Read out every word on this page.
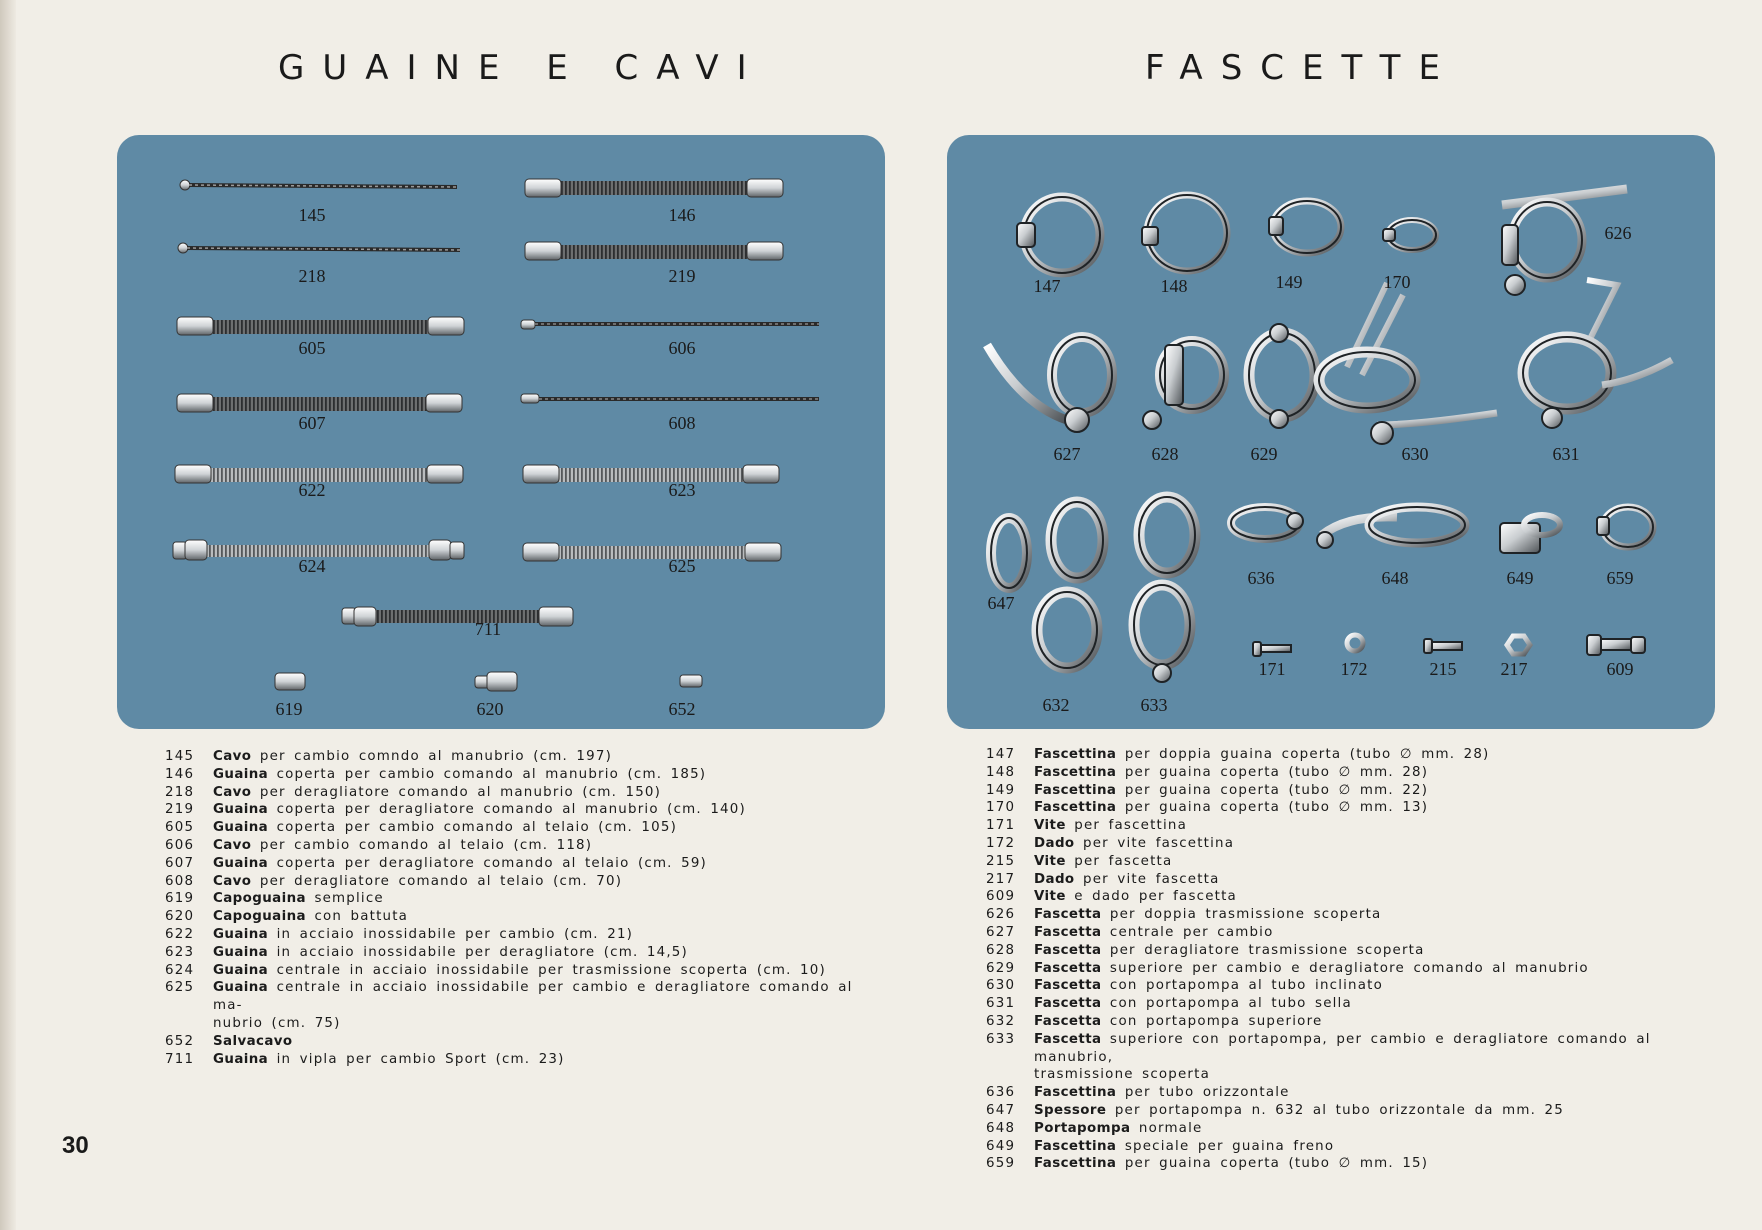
GUAINE E CAVI	FASCETTE
145	146
218	219
605	606
607	608
622	623
624	625
711
619	620	652
147	148	149	170
626
627	628	629	630	631
647
632	633
636	648	649	659
171	172	215 217	609
145	Cavo per cambio comndo al manubrio (cm. 197)
146	Guaina coperta per cambio comando al manubrio (cm. 185)
218	Cavo per deragliatore comando al manubrio (cm. 150)
219	Guaina coperta per deragliatore comando al manubrio (cm. 140)
605	Guaina coperta per cambio comando al telaio (cm. 105)
606	Cavo per cambio comando al telaio (cm. 118)
607	Guaina coperta per deragliatore comando al telaio (cm. 59)
608	Cavo per deragliatore comando al telaio (cm. 70)
619	Capoguaina semplice
620	Capoguaina con battuta
622	Guaina in acciaio inossidabile per cambio (cm. 21)
623	Guaina in acciaio inossidabile per deragliatore (cm. 14,5)
624	Guaina centrale in acciaio inossidabile per trasmissione scoperta (cm. 10)
625	Guaina centrale in acciaio inossidabile per cambio e deragliatore comando al ma-
nubrio (cm. 75)
652	Salvacavo
711	Guaina in vipla per cambio Sport (cm. 23)
147	Fascettina per doppia guaina coperta (tubo ∅ mm. 28)
148	Fascettina per guaina coperta (tubo ∅ mm. 28)
149	Fascettina per guaina coperta (tubo ∅ mm. 22)
170	Fascettina per guaina coperta (tubo ∅ mm. 13)
171	Vite per fascettina
172	Dado per vite fascettina
215	Vite per fascetta
217	Dado per vite fascetta
609	Vite e dado per fascetta
626	Fascetta per doppia trasmissione scoperta
627	Fascetta centrale per cambio
628	Fascetta per deragliatore trasmissione scoperta
629	Fascetta superiore per cambio e deragliatore comando al manubrio
630	Fascetta con portapompa al tubo inclinato
631	Fascetta con portapompa al tubo sella
632	Fascetta con portapompa superiore
633	Fascetta superiore con portapompa, per cambio e deragliatore comando al manubrio,
trasmissione scoperta
636	Fascettina per tubo orizzontale
647	Spessore per portapompa n. 632 al tubo orizzontale da mm. 25
648	Portapompa normale
649	Fascettina speciale per guaina freno
659	Fascettina per guaina coperta (tubo ∅ mm. 15)
30
